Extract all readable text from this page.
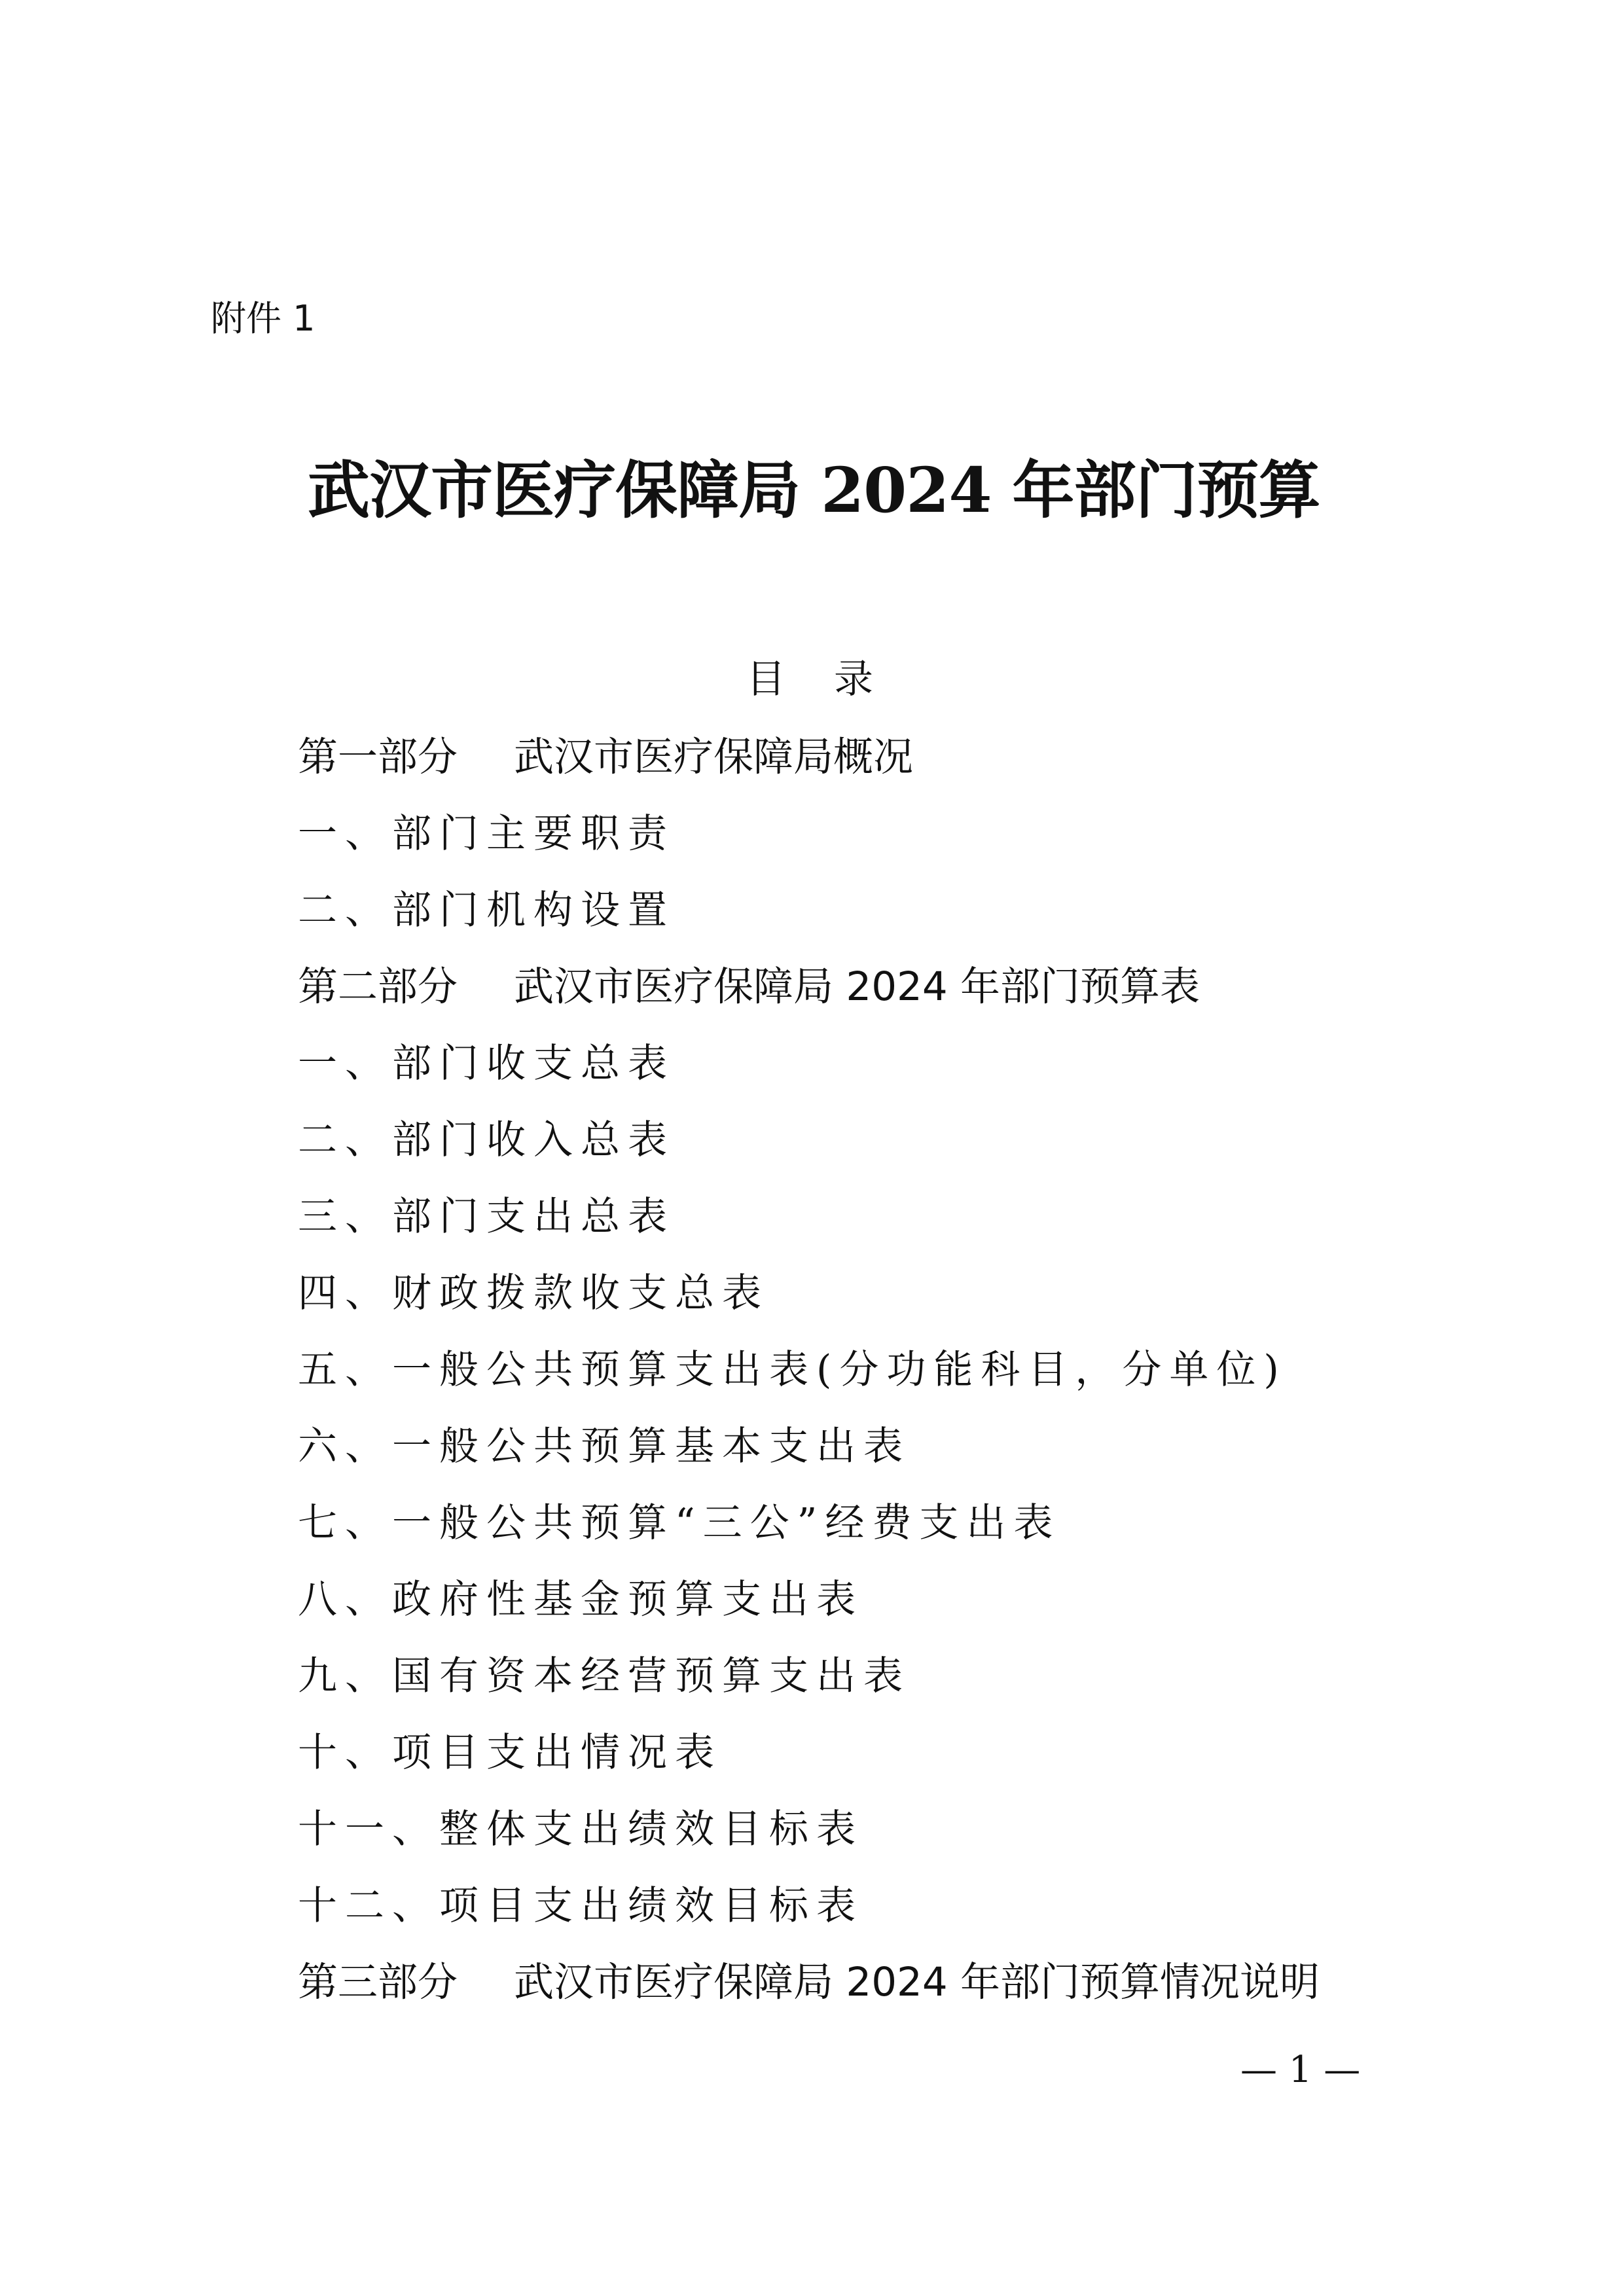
附件 1
武汉市医疗保障局 2024 年部门预算
目 录
第一部分 武汉市医疗保障局概况
一、部门主要职责
二、部门机构设置
第二部分 武汉市医疗保障局 2024 年部门预算表
一、部门收支总表
二、部门收入总表
三、部门支出总表
四、财政拨款收支总表
五、一般公共预算支出表(分功能科目，分单位)
六、一般公共预算基本支出表
七、一般公共预算“三公”经费支出表
八、政府性基金预算支出表
九、国有资本经营预算支出表
十、项目支出情况表
十一、整体支出绩效目标表
十二、项目支出绩效目标表
第三部分 武汉市医疗保障局 2024 年部门预算情况说明
— 1 —
